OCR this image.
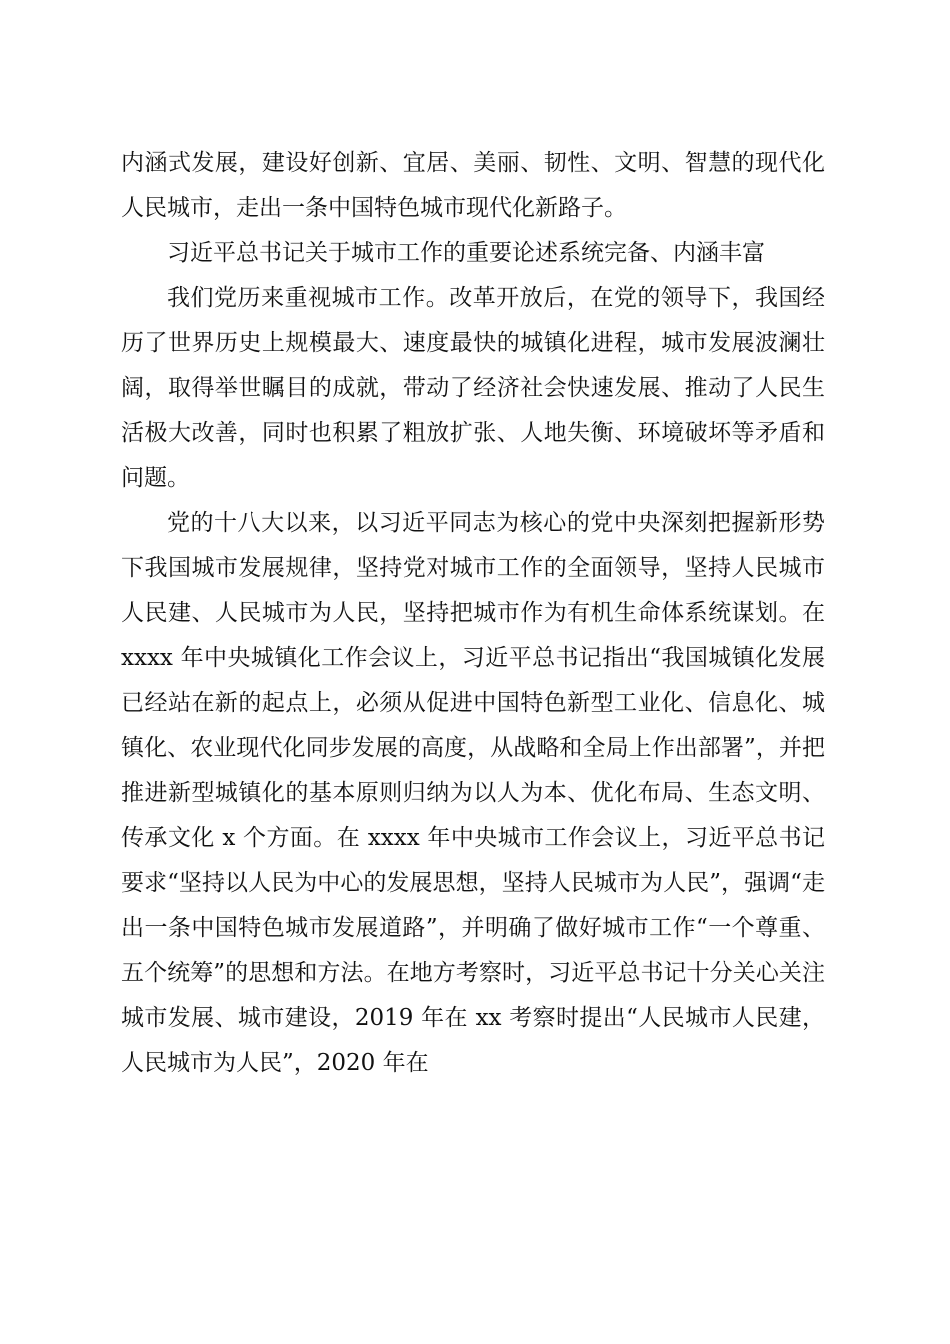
内涵式发展，建设好创新、宜居、美丽、韧性、文明、智慧的现代化人民城市，走出一条中国特色城市现代化新路子。

习近平总书记关于城市工作的重要论述系统完备、内涵丰富

我们党历来重视城市工作。改革开放后，在党的领导下，我国经历了世界历史上规模最大、速度最快的城镇化进程，城市发展波澜壮阔，取得举世瞩目的成就，带动了经济社会快速发展、推动了人民生活极大改善，同时也积累了粗放扩张、人地失衡、环境破坏等矛盾和问题。

党的十八大以来，以习近平同志为核心的党中央深刻把握新形势下我国城市发展规律，坚持党对城市工作的全面领导，坚持人民城市人民建、人民城市为人民，坚持把城市作为有机生命体系统谋划。在 xxxx 年中央城镇化工作会议上，习近平总书记指出“我国城镇化发展已经站在新的起点上，必须从促进中国特色新型工业化、信息化、城镇化、农业现代化同步发展的高度，从战略和全局上作出部署”，并把推进新型城镇化的基本原则归纳为以人为本、优化布局、生态文明、传承文化 x 个方面。在 xxxx 年中央城市工作会议上，习近平总书记要求“坚持以人民为中心的发展思想，坚持人民城市为人民”，强调“走出一条中国特色城市发展道路”，并明确了做好城市工作“一个尊重、五个统筹”的思想和方法。在地方考察时，习近平总书记十分关心关注城市发展、城市建设，2019 年在 xx 考察时提出“人民城市人民建，人民城市为人民”，2020 年在
